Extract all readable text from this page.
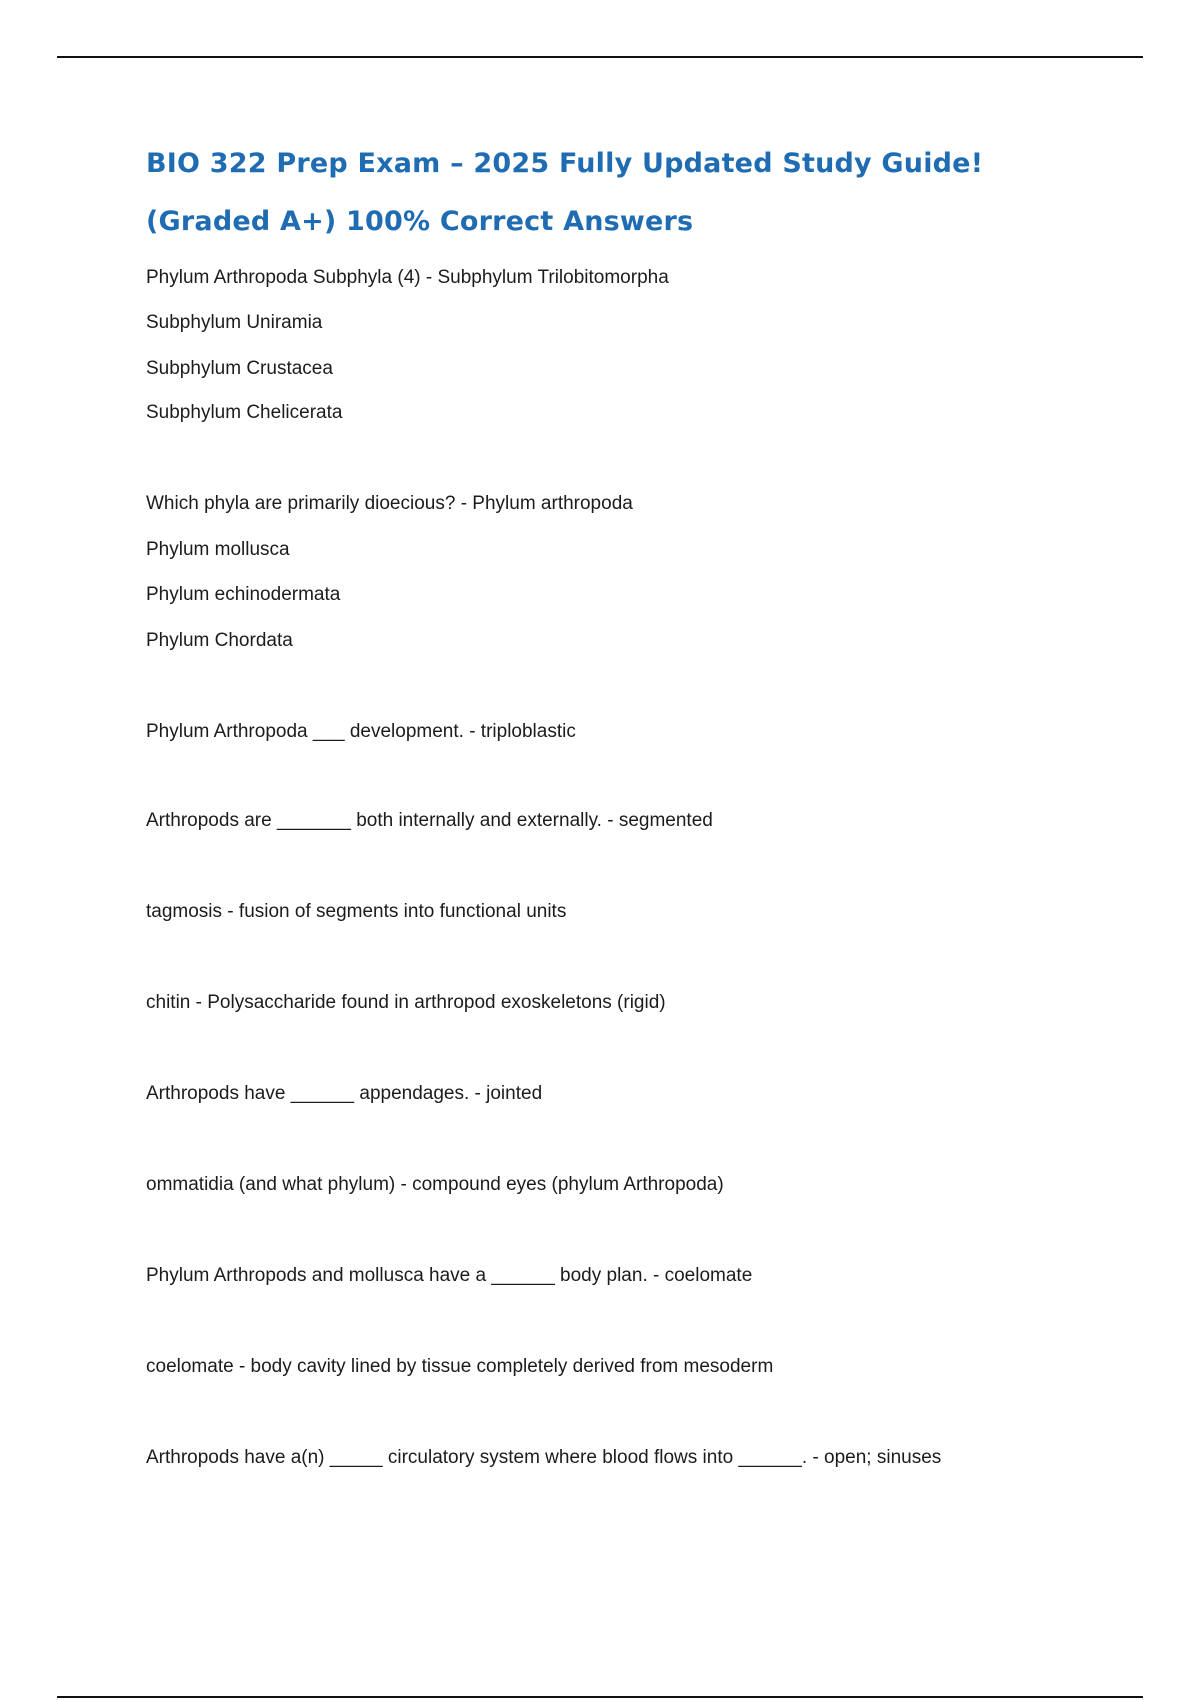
BIO 322 Prep Exam – 2025 Fully Updated Study Guide!
(Graded A+) 100% Correct Answers

Phylum Arthropoda Subphyla (4) - Subphylum Trilobitomorpha

Subphylum Uniramia

Subphylum Crustacea

Subphylum Chelicerata

Which phyla are primarily dioecious? - Phylum arthropoda

Phylum mollusca

Phylum echinodermata

Phylum Chordata

Phylum Arthropoda ___ development. - triploblastic

Arthropods are _______ both internally and externally. - segmented

tagmosis - fusion of segments into functional units

chitin - Polysaccharide found in arthropod exoskeletons (rigid)

Arthropods have ______ appendages. - jointed

ommatidia (and what phylum) - compound eyes (phylum Arthropoda)

Phylum Arthropods and mollusca have a ______ body plan. - coelomate

coelomate - body cavity lined by tissue completely derived from mesoderm

Arthropods have a(n) _____ circulatory system where blood flows into ______. - open; sinuses
